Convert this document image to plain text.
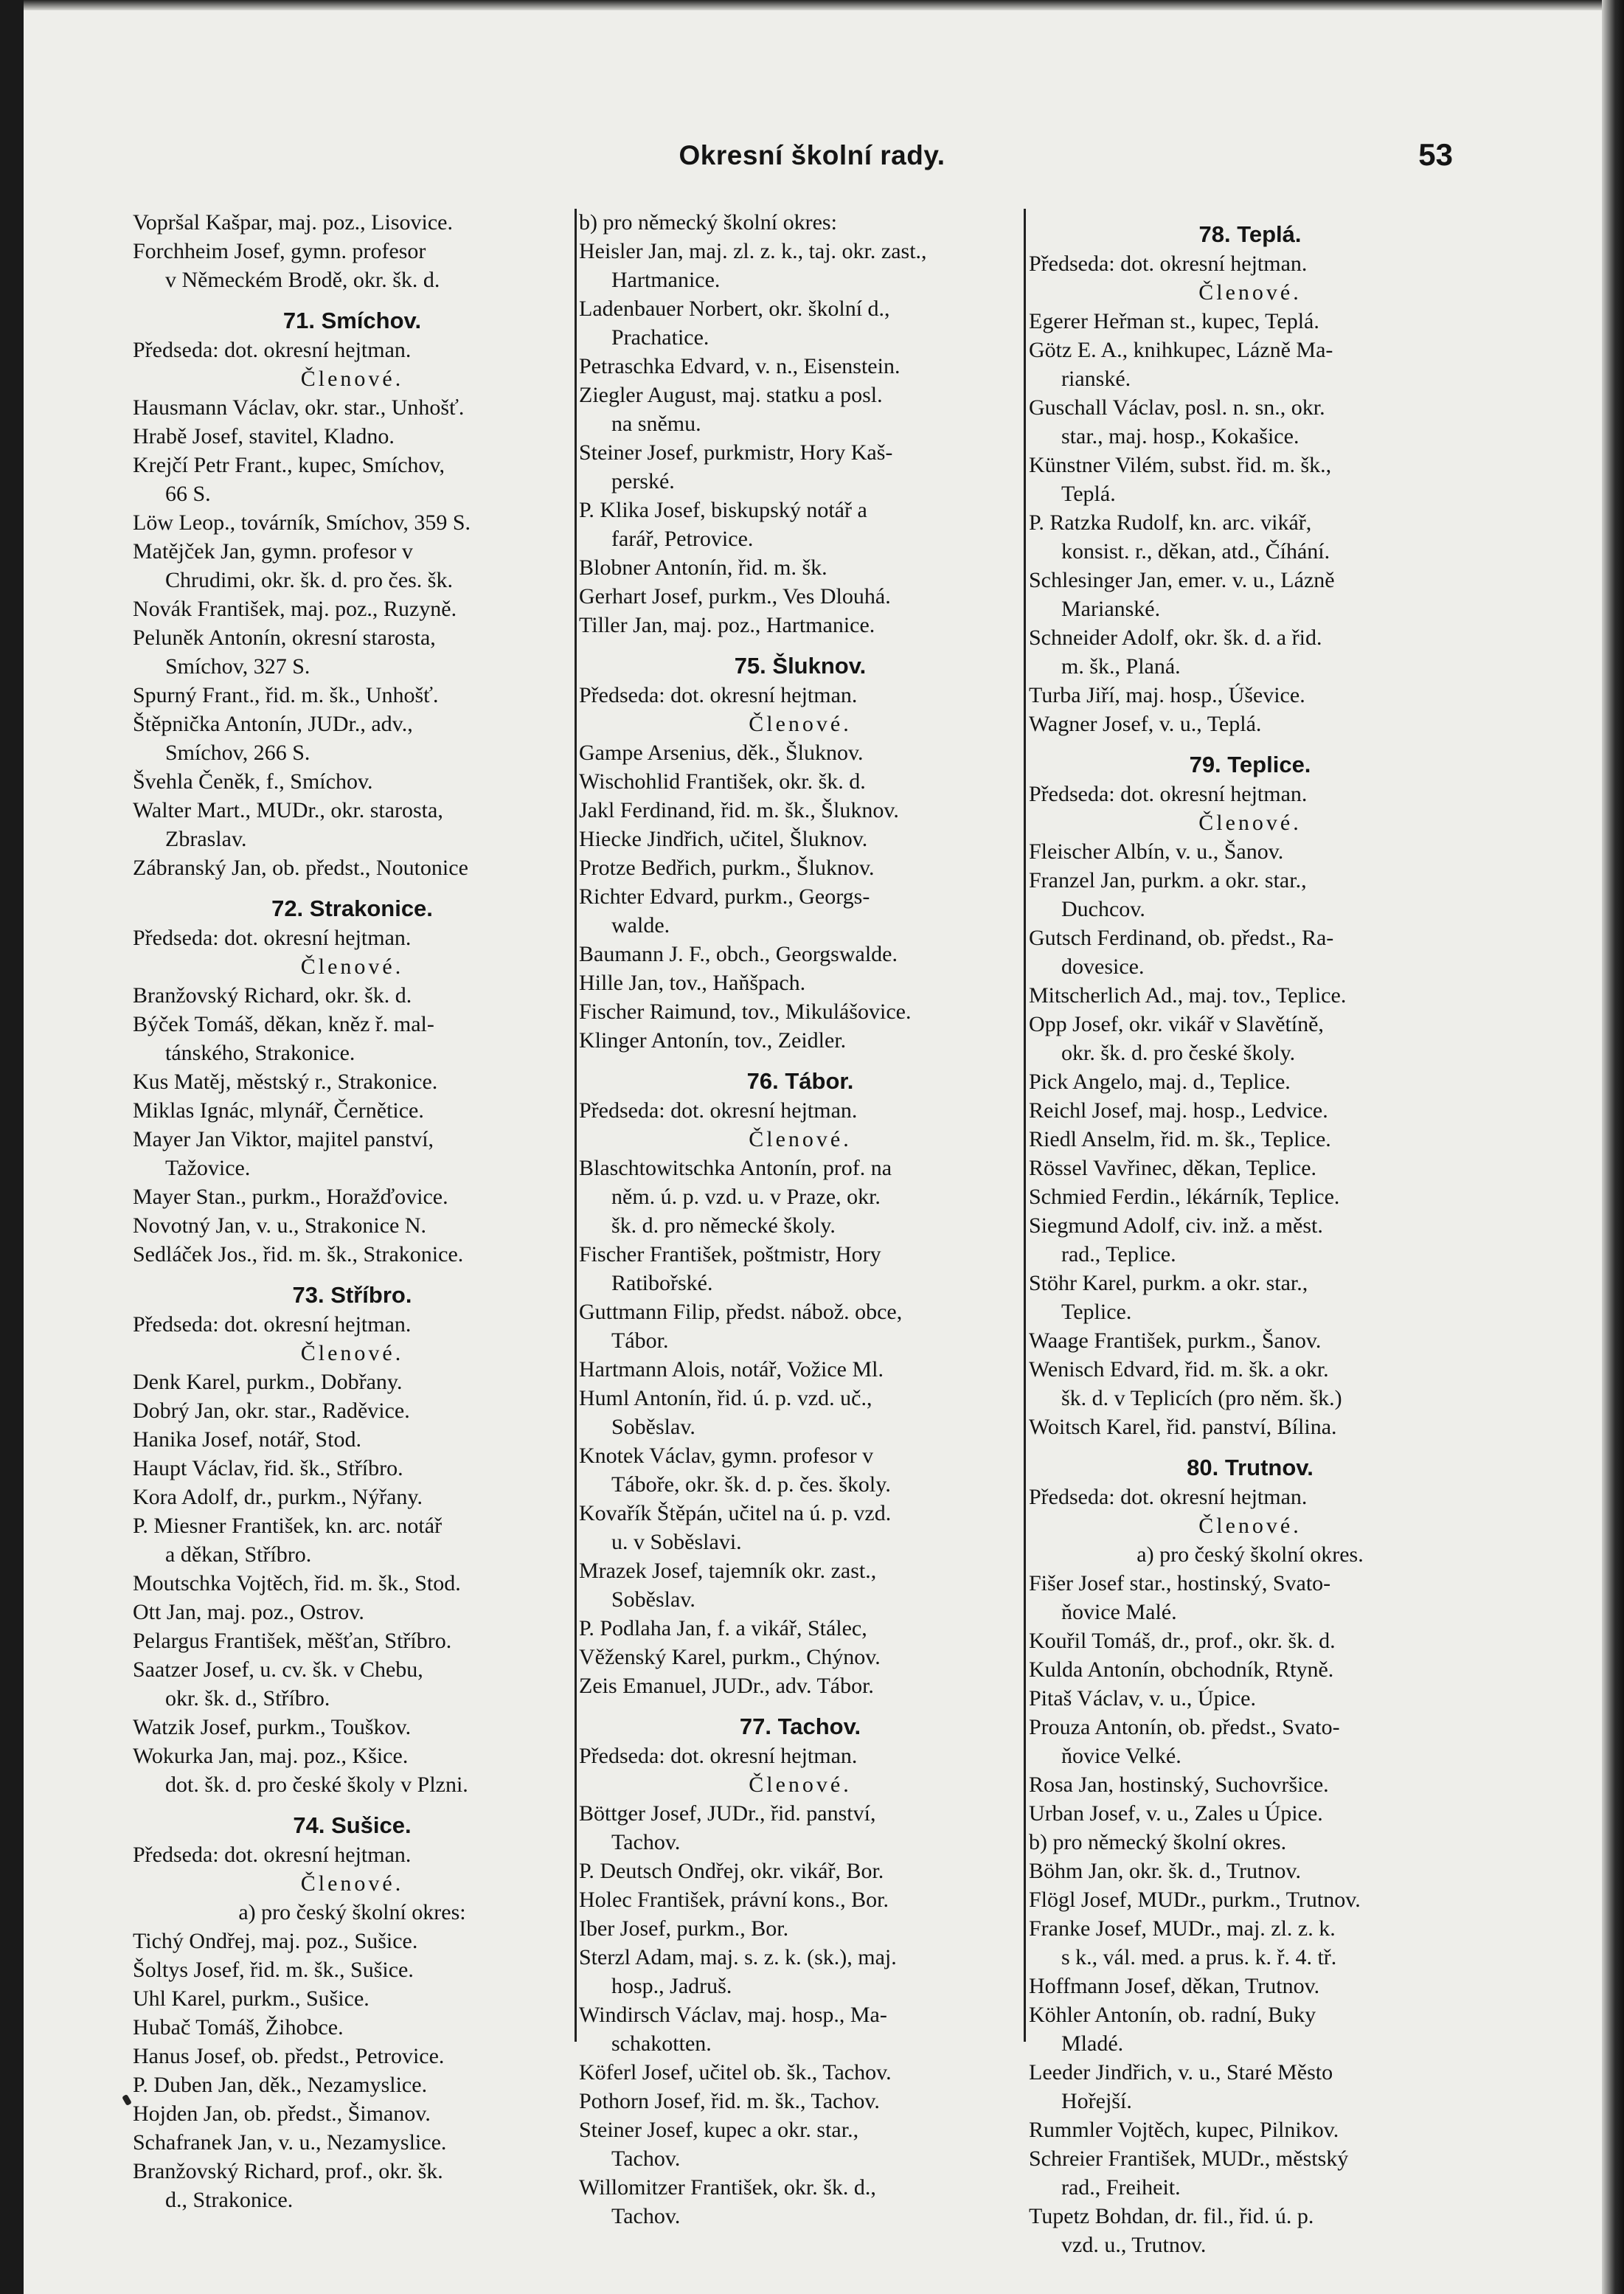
Okresní školní rady.	53
Vopršal Kašpar, maj. poz., Lisovice.
Forchheim Josef, gymn. profesor
v Německém Brodě, okr. šk. d.
71. Smíchov.
Předseda: dot. okresní hejtman.
Členové.
Hausmann Václav, okr. star., Unhošť.
Hrabě Josef, stavitel, Kladno.
Krejčí Petr Frant., kupec, Smíchov,
66 S.
Löw Leop., továrník, Smíchov, 359 S.
Matějček Jan, gymn. profesor v
Chrudimi, okr. šk. d. pro čes. šk.
Novák František, maj. poz., Ruzyně.
Peluněk Antonín, okresní starosta,
Smíchov, 327 S.
Spurný Frant., řid. m. šk., Unhošť.
Štěpnička Antonín, JUDr., adv.,
Smíchov, 266 S.
Švehla Čeněk, f., Smíchov.
Walter Mart., MUDr., okr. starosta,
Zbraslav.
Zábranský Jan, ob. předst., Noutonice
72. Strakonice.
Předseda: dot. okresní hejtman.
Členové.
Branžovský Richard, okr. šk. d.
Býček Tomáš, děkan, kněz ř. mal-
tánského, Strakonice.
Kus Matěj, městský r., Strakonice.
Miklas Ignác, mlynář, Černětice.
Mayer Jan Viktor, majitel panství,
Tažovice.
Mayer Stan., purkm., Horažďovice.
Novotný Jan, v. u., Strakonice N.
Sedláček Jos., řid. m. šk., Strakonice.
73. Stříbro.
Předseda: dot. okresní hejtman.
Členové.
Denk Karel, purkm., Dobřany.
Dobrý Jan, okr. star., Raděvice.
Hanika Josef, notář, Stod.
Haupt Václav, řid. šk., Stříbro.
Kora Adolf, dr., purkm., Nýřany.
P. Miesner František, kn. arc. notář
a děkan, Stříbro.
Moutschka Vojtěch, řid. m. šk., Stod.
Ott Jan, maj. poz., Ostrov.
Pelargus František, měšťan, Stříbro.
Saatzer Josef, u. cv. šk. v Chebu,
okr. šk. d., Stříbro.
Watzik Josef, purkm., Touškov.
Wokurka Jan, maj. poz., Kšice.
dot. šk. d. pro české školy v Plzni.
74. Sušice.
Předseda: dot. okresní hejtman.
Členové.
a) pro český školní okres:
Tichý Ondřej, maj. poz., Sušice.
Šoltys Josef, řid. m. šk., Sušice.
Uhl Karel, purkm., Sušice.
Hubač Tomáš, Žihobce.
Hanus Josef, ob. předst., Petrovice.
P. Duben Jan, děk., Nezamyslice.
Hojden Jan, ob. předst., Šimanov.
Schafranek Jan, v. u., Nezamyslice.
Branžovský Richard, prof., okr. šk.
d., Strakonice.
b) pro německý školní okres:
Heisler Jan, maj. zl. z. k., taj. okr. zast.,
Hartmanice.
Ladenbauer Norbert, okr. školní d.,
Prachatice.
Petraschka Edvard, v. n., Eisenstein.
Ziegler August, maj. statku a posl.
na sněmu.
Steiner Josef, purkmistr, Hory Kaš-
perské.
P. Klika Josef, biskupský notář a
farář, Petrovice.
Blobner Antonín, řid. m. šk.
Gerhart Josef, purkm., Ves Dlouhá.
Tiller Jan, maj. poz., Hartmanice.
75. Šluknov.
Předseda: dot. okresní hejtman.
Členové.
Gampe Arsenius, děk., Šluknov.
Wischohlid František, okr. šk. d.
Jakl Ferdinand, řid. m. šk., Šluknov.
Hiecke Jindřich, učitel, Šluknov.
Protze Bedřich, purkm., Šluknov.
Richter Edvard, purkm., Georgs-
walde.
Baumann J. F., obch., Georgswalde.
Hille Jan, tov., Haňšpach.
Fischer Raimund, tov., Mikulášovice.
Klinger Antonín, tov., Zeidler.
76. Tábor.
Předseda: dot. okresní hejtman.
Členové.
Blaschtowitschka Antonín, prof. na
něm. ú. p. vzd. u. v Praze, okr.
šk. d. pro německé školy.
Fischer František, poštmistr, Hory
Ratibořské.
Guttmann Filip, předst. nábož. obce,
Tábor.
Hartmann Alois, notář, Vožice Ml.
Huml Antonín, řid. ú. p. vzd. uč.,
Soběslav.
Knotek Václav, gymn. profesor v
Táboře, okr. šk. d. p. čes. školy.
Kovařík Štěpán, učitel na ú. p. vzd.
u. v Soběslavi.
Mrazek Josef, tajemník okr. zast.,
Soběslav.
P. Podlaha Jan, f. a vikář, Stálec,
Věženský Karel, purkm., Chýnov.
Zeis Emanuel, JUDr., adv. Tábor.
77. Tachov.
Předseda: dot. okresní hejtman.
Členové.
Böttger Josef, JUDr., řid. panství,
Tachov.
P. Deutsch Ondřej, okr. vikář, Bor.
Holec František, právní kons., Bor.
Iber Josef, purkm., Bor.
Sterzl Adam, maj. s. z. k. (sk.), maj.
hosp., Jadruš.
Windirsch Václav, maj. hosp., Ma-
schakotten.
Köferl Josef, učitel ob. šk., Tachov.
Pothorn Josef, řid. m. šk., Tachov.
Steiner Josef, kupec a okr. star.,
Tachov.
Willomitzer František, okr. šk. d.,
Tachov.
78. Teplá.
Předseda: dot. okresní hejtman.
Členové.
Egerer Heřman st., kupec, Teplá.
Götz E. A., knihkupec, Lázně Ma-
rianské.
Guschall Václav, posl. n. sn., okr.
star., maj. hosp., Kokašice.
Künstner Vilém, subst. řid. m. šk.,
Teplá.
P. Ratzka Rudolf, kn. arc. vikář,
konsist. r., děkan, atd., Číhání.
Schlesinger Jan, emer. v. u., Lázně
Marianské.
Schneider Adolf, okr. šk. d. a řid.
m. šk., Planá.
Turba Jiří, maj. hosp., Úševice.
Wagner Josef, v. u., Teplá.
79. Teplice.
Předseda: dot. okresní hejtman.
Členové.
Fleischer Albín, v. u., Šanov.
Franzel Jan, purkm. a okr. star.,
Duchcov.
Gutsch Ferdinand, ob. předst., Ra-
dovesice.
Mitscherlich Ad., maj. tov., Teplice.
Opp Josef, okr. vikář v Slavětíně,
okr. šk. d. pro české školy.
Pick Angelo, maj. d., Teplice.
Reichl Josef, maj. hosp., Ledvice.
Riedl Anselm, řid. m. šk., Teplice.
Rössel Vavřinec, děkan, Teplice.
Schmied Ferdin., lékárník, Teplice.
Siegmund Adolf, civ. inž. a měst.
rad., Teplice.
Stöhr Karel, purkm. a okr. star.,
Teplice.
Waage František, purkm., Šanov.
Wenisch Edvard, řid. m. šk. a okr.
šk. d. v Teplicích (pro něm. šk.)
Woitsch Karel, řid. panství, Bílina.
80. Trutnov.
Předseda: dot. okresní hejtman.
Členové.
a) pro český školní okres.
Fišer Josef star., hostinský, Svato-
ňovice Malé.
Kouřil Tomáš, dr., prof., okr. šk. d.
Kulda Antonín, obchodník, Rtyně.
Pitaš Václav, v. u., Úpice.
Prouza Antonín, ob. předst., Svato-
ňovice Velké.
Rosa Jan, hostinský, Suchovršice.
Urban Josef, v. u., Zales u Úpice.
b) pro německý školní okres.
Böhm Jan, okr. šk. d., Trutnov.
Flögl Josef, MUDr., purkm., Trutnov.
Franke Josef, MUDr., maj. zl. z. k.
s k., vál. med. a prus. k. ř. 4. tř.
Hoffmann Josef, děkan, Trutnov.
Köhler Antonín, ob. radní, Buky
Mladé.
Leeder Jindřich, v. u., Staré Město
Hořejší.
Rummler Vojtěch, kupec, Pilnikov.
Schreier František, MUDr., městský
rad., Freiheit.
Tupetz Bohdan, dr. fil., řid. ú. p.
vzd. u., Trutnov.
